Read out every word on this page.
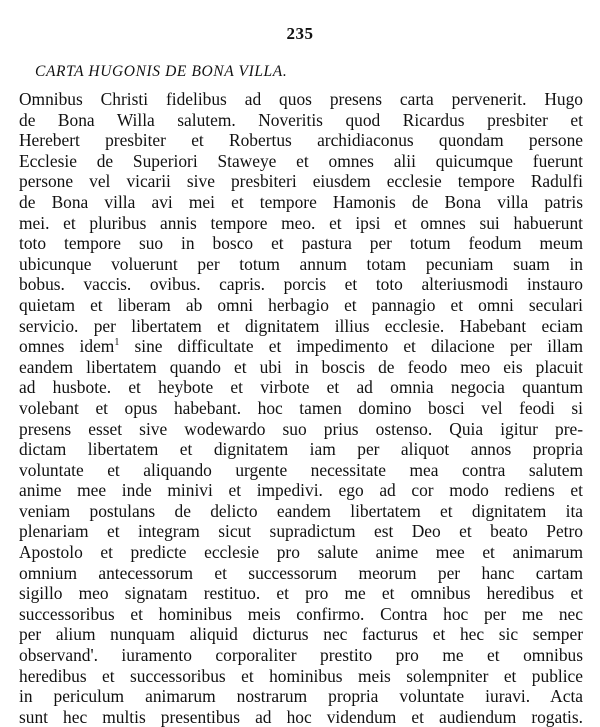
235
CARTA HUGONIS DE BONA VILLA.
Omnibus Christi fidelibus ad quos presens carta pervenerit. Hugo
de Bona Willa salutem. Noveritis quod Ricardus presbiter et
Herebert presbiter et Robertus archidiaconus quondam persone
Ecclesie de Superiori Staweye et omnes alii quicumque fuerunt
persone vel vicarii sive presbiteri eiusdem ecclesie tempore Radulfi
de Bona villa avi mei et tempore Hamonis de Bona villa patris
mei. et pluribus annis tempore meo. et ipsi et omnes sui habuerunt
toto tempore suo in bosco et pastura per totum feodum meum
ubicunque voluerunt per totum annum totam pecuniam suam in
bobus. vaccis. ovibus. capris. porcis et toto alteriusmodi instauro
quietam et liberam ab omni herbagio et pannagio et omni seculari
servicio. per libertatem et dignitatem illius ecclesie. Habebant eciam
omnes idem$^1$ sine difficultate et impedimento et dilacione per illam
eandem libertatem quando et ubi in boscis de feodo meo eis placuit
ad husbote. et heybote et virbote et ad omnia negocia quantum
volebant et opus habebant. hoc tamen domino bosci vel feodi si
presens esset sive wodewardo suo prius ostenso. Quia igitur pre-
dictam libertatem et dignitatem iam per aliquot annos propria
voluntate et aliquando urgente necessitate mea contra salutem
anime mee inde minivi et impedivi. ego ad cor modo rediens et
veniam postulans de delicto eandem libertatem et dignitatem ita
plenariam et integram sicut supradictum est Deo et beato Petro
Apostolo et predicte ecclesie pro salute anime mee et animarum
omnium antecessorum et successorum meorum per hanc cartam
sigillo meo signatam restituo. et pro me et omnibus heredibus et
successoribus et hominibus meis confirmo. Contra hoc per me nec
per alium nunquam aliquid dicturus nec facturus et hec sic semper
observand'. iuramento corporaliter prestito pro me et omnibus
heredibus et successoribus et hominibus meis solempniter et publice
in periculum animarum nostrarum propria voluntate iuravi. Acta
sunt hec multis presentibus ad hoc videndum et audiendum rogatis.
